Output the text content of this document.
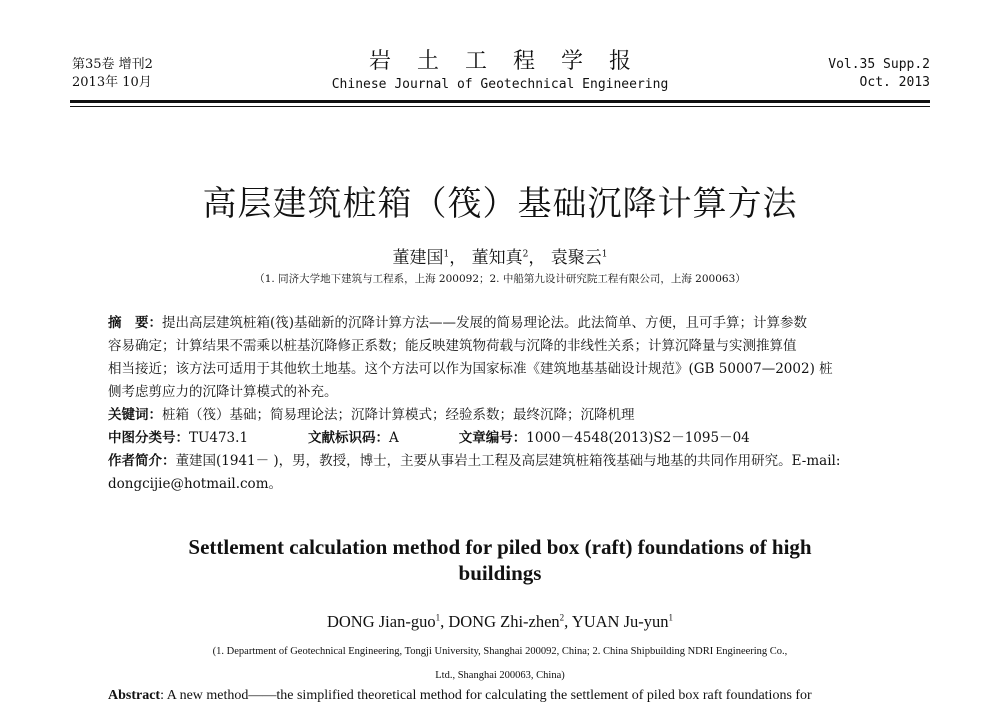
第35卷 增刊2
2013年 10月
岩土工程学报
Chinese Journal of Geotechnical Engineering
Vol.35 Supp.2
Oct. 2013
高层建筑桩箱（筏）基础沉降计算方法
董建国$^1$， 董知真$^2$， 袁聚云$^1$
（1. 同济大学地下建筑与工程系，上海 200092；2. 中船第九设计研究院工程有限公司，上海 200063）
摘　要：提出高层建筑桩箱(筏)基础新的沉降计算方法——发展的简易理论法。此法简单、方便，且可手算；计算参数
容易确定；计算结果不需乘以桩基沉降修正系数；能反映建筑物荷载与沉降的非线性关系；计算沉降量与实测推算值
相当接近；该方法可适用于其他软土地基。这个方法可以作为国家标准《建筑地基基础设计规范》(GB 50007—2002) 桩
侧考虑剪应力的沉降计算模式的补充。
关键词：桩箱（筏）基础；简易理论法；沉降计算模式；经验系数；最终沉降；沉降机理
中图分类号： TU473.1	文献标识码： A	文章编号： 1000－4548(2013)S2－1095－04
作者简介：董建国(1941－ )，男，教授，博士，主要从事岩土工程及高层建筑桩箱筏基础与地基的共同作用研究。E-mail:
dongcijie@hotmail.com。
Settlement calculation method for piled box (raft) foundations of high
buildings
DONG Jian-guo$^1$, DONG Zhi-zhen$^2$, YUAN Ju-yun$^1$
(1. Department of Geotechnical Engineering, Tongji University, Shanghai 200092, China; 2. China Shipbuilding NDRI Engineering Co.,
Ltd., Shanghai 200063, China)
Abstract: A new method——the simplified theoretical method for calculating the settlement of piled box raft foundations for
